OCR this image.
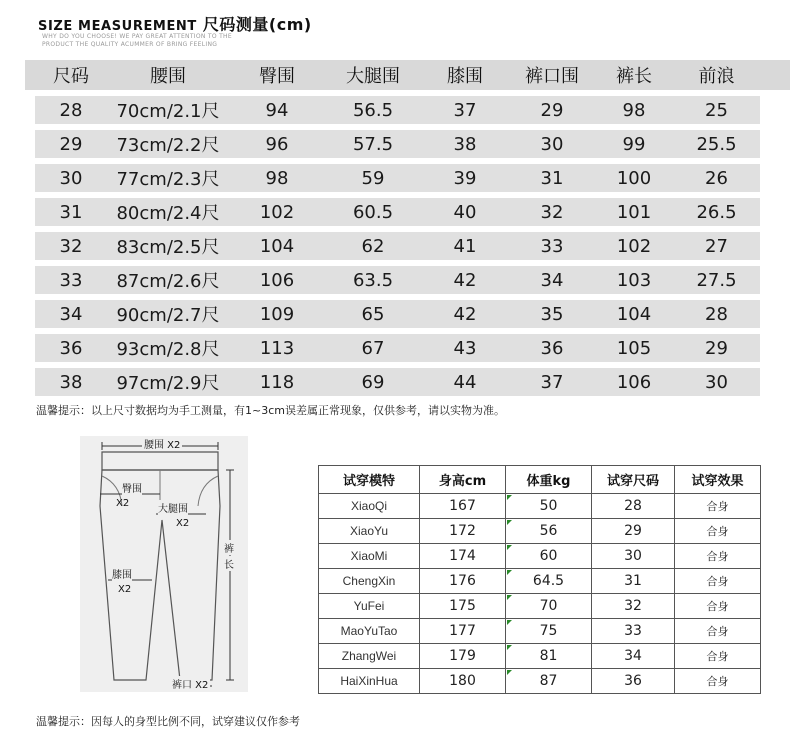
SIZE MEASUREMENT 尺码测量(cm)
WHY DO YOU CHOOSE! WE PAY GREAT ATTENTION TO THE
PRODUCT THE QUALITY ACUMMER OF BRING FEELING
尺码	腰围	臀围	大腿围	膝围	裤口围	裤长	前浪
28	70cm/2.1尺	94	56.5	37	29	98	25
29	73cm/2.2尺	96	57.5	38	30	99	25.5
30	77cm/2.3尺	98	59	39	31	100	26
31	80cm/2.4尺	102	60.5	40	32	101	26.5
32	83cm/2.5尺	104	62	41	33	102	27
33	87cm/2.6尺	106	63.5	42	34	103	27.5
34	90cm/2.7尺	109	65	42	35	104	28
36	93cm/2.8尺	113	67	43	36	105	29
38	97cm/2.9尺	118	69	44	37	106	30
温馨提示：以上尺寸数据均为手工测量，有1~3cm误差属正常现象，仅供参考，请以实物为准。
腰围 X2
臀围
X2
大腿围
X2
裤
长
膝围
X2
裤口 X2
试穿模特	身高cm	体重kg	试穿尺码	试穿效果
XiaoQi	167	50	28	合身
XiaoYu	172	56	29	合身
XiaoMi	174	60	30	合身
ChengXin	176	64.5	31	合身
YuFei	175	70	32	合身
MaoYuTao	177	75	33	合身
ZhangWei	179	81	34	合身
HaiXinHua	180	87	36	合身
温馨提示：因每人的身型比例不同，试穿建议仅作参考
